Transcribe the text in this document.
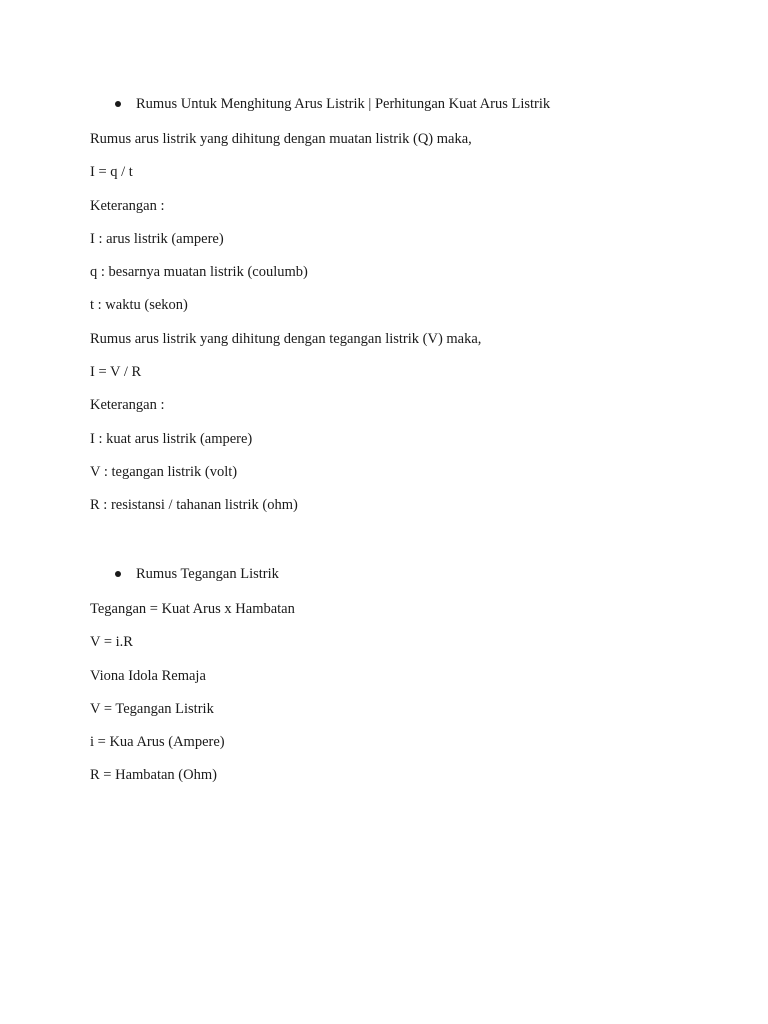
Rumus Untuk Menghitung Arus Listrik | Perhitungan Kuat Arus Listrik
Rumus arus listrik yang dihitung dengan muatan listrik (Q) maka,
I = q / t
Keterangan :
I : arus listrik (ampere)
q : besarnya muatan listrik (coulumb)
t : waktu (sekon)
Rumus arus listrik yang dihitung dengan tegangan listrik (V) maka,
I = V / R
Keterangan :
I : kuat arus listrik (ampere)
V : tegangan listrik (volt)
R : resistansi / tahanan listrik (ohm)
Rumus Tegangan Listrik
Tegangan = Kuat Arus x Hambatan
V = i.R
Viona Idola Remaja
V = Tegangan Listrik
i = Kua Arus (Ampere)
R = Hambatan (Ohm)
